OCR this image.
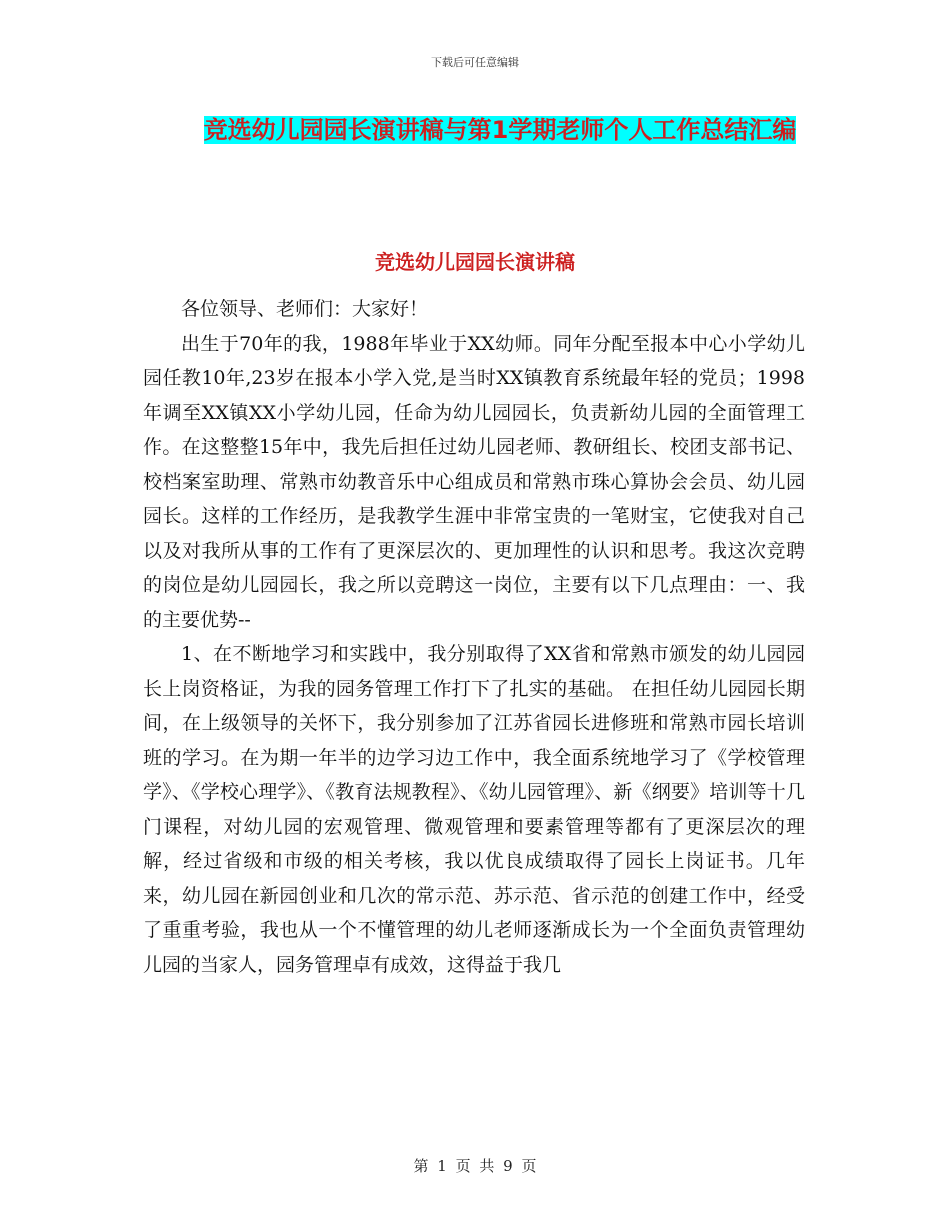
下载后可任意编辑
竞选幼儿园园长演讲稿与第1学期老师个人工作总结汇编
竞选幼儿园园长演讲稿

各位领导、老师们：大家好！

出生于70年的我，1988年毕业于XX幼师。同年分配至报本中心小学幼儿园任教10年,23岁在报本小学入党,是当时XX镇教育系统最年轻的党员；1998年调至XX镇XX小学幼儿园，任命为幼儿园园长，负责新幼儿园的全面管理工作。在这整整15年中，我先后担任过幼儿园老师、教研组长、校团支部书记、校档案室助理、常熟市幼教音乐中心组成员和常熟市珠心算协会会员、幼儿园园长。这样的工作经历，是我教学生涯中非常宝贵的一笔财宝，它使我对自己以及对我所从事的工作有了更深层次的、更加理性的认识和思考。我这次竞聘的岗位是幼儿园园长，我之所以竞聘这一岗位，主要有以下几点理由：一、我的主要优势--

1、在不断地学习和实践中，我分别取得了XX省和常熟市颁发的幼儿园园长上岗资格证，为我的园务管理工作打下了扎实的基础。 在担任幼儿园园长期间，在上级领导的关怀下，我分别参加了江苏省园长进修班和常熟市园长培训班的学习。在为期一年半的边学习边工作中，我全面系统地学习了《学校管理学》、《学校心理学》、《教育法规教程》、《幼儿园管理》、新《纲要》培训等十几门课程，对幼儿园的宏观管理、微观管理和要素管理等都有了更深层次的理解，经过省级和市级的相关考核，我以优良成绩取得了园长上岗证书。几年来，幼儿园在新园创业和几次的常示范、苏示范、省示范的创建工作中，经受了重重考验，我也从一个不懂管理的幼儿老师逐渐成长为一个全面负责管理幼儿园的当家人，园务管理卓有成效，这得益于我几

第 1 页 共 9 页
